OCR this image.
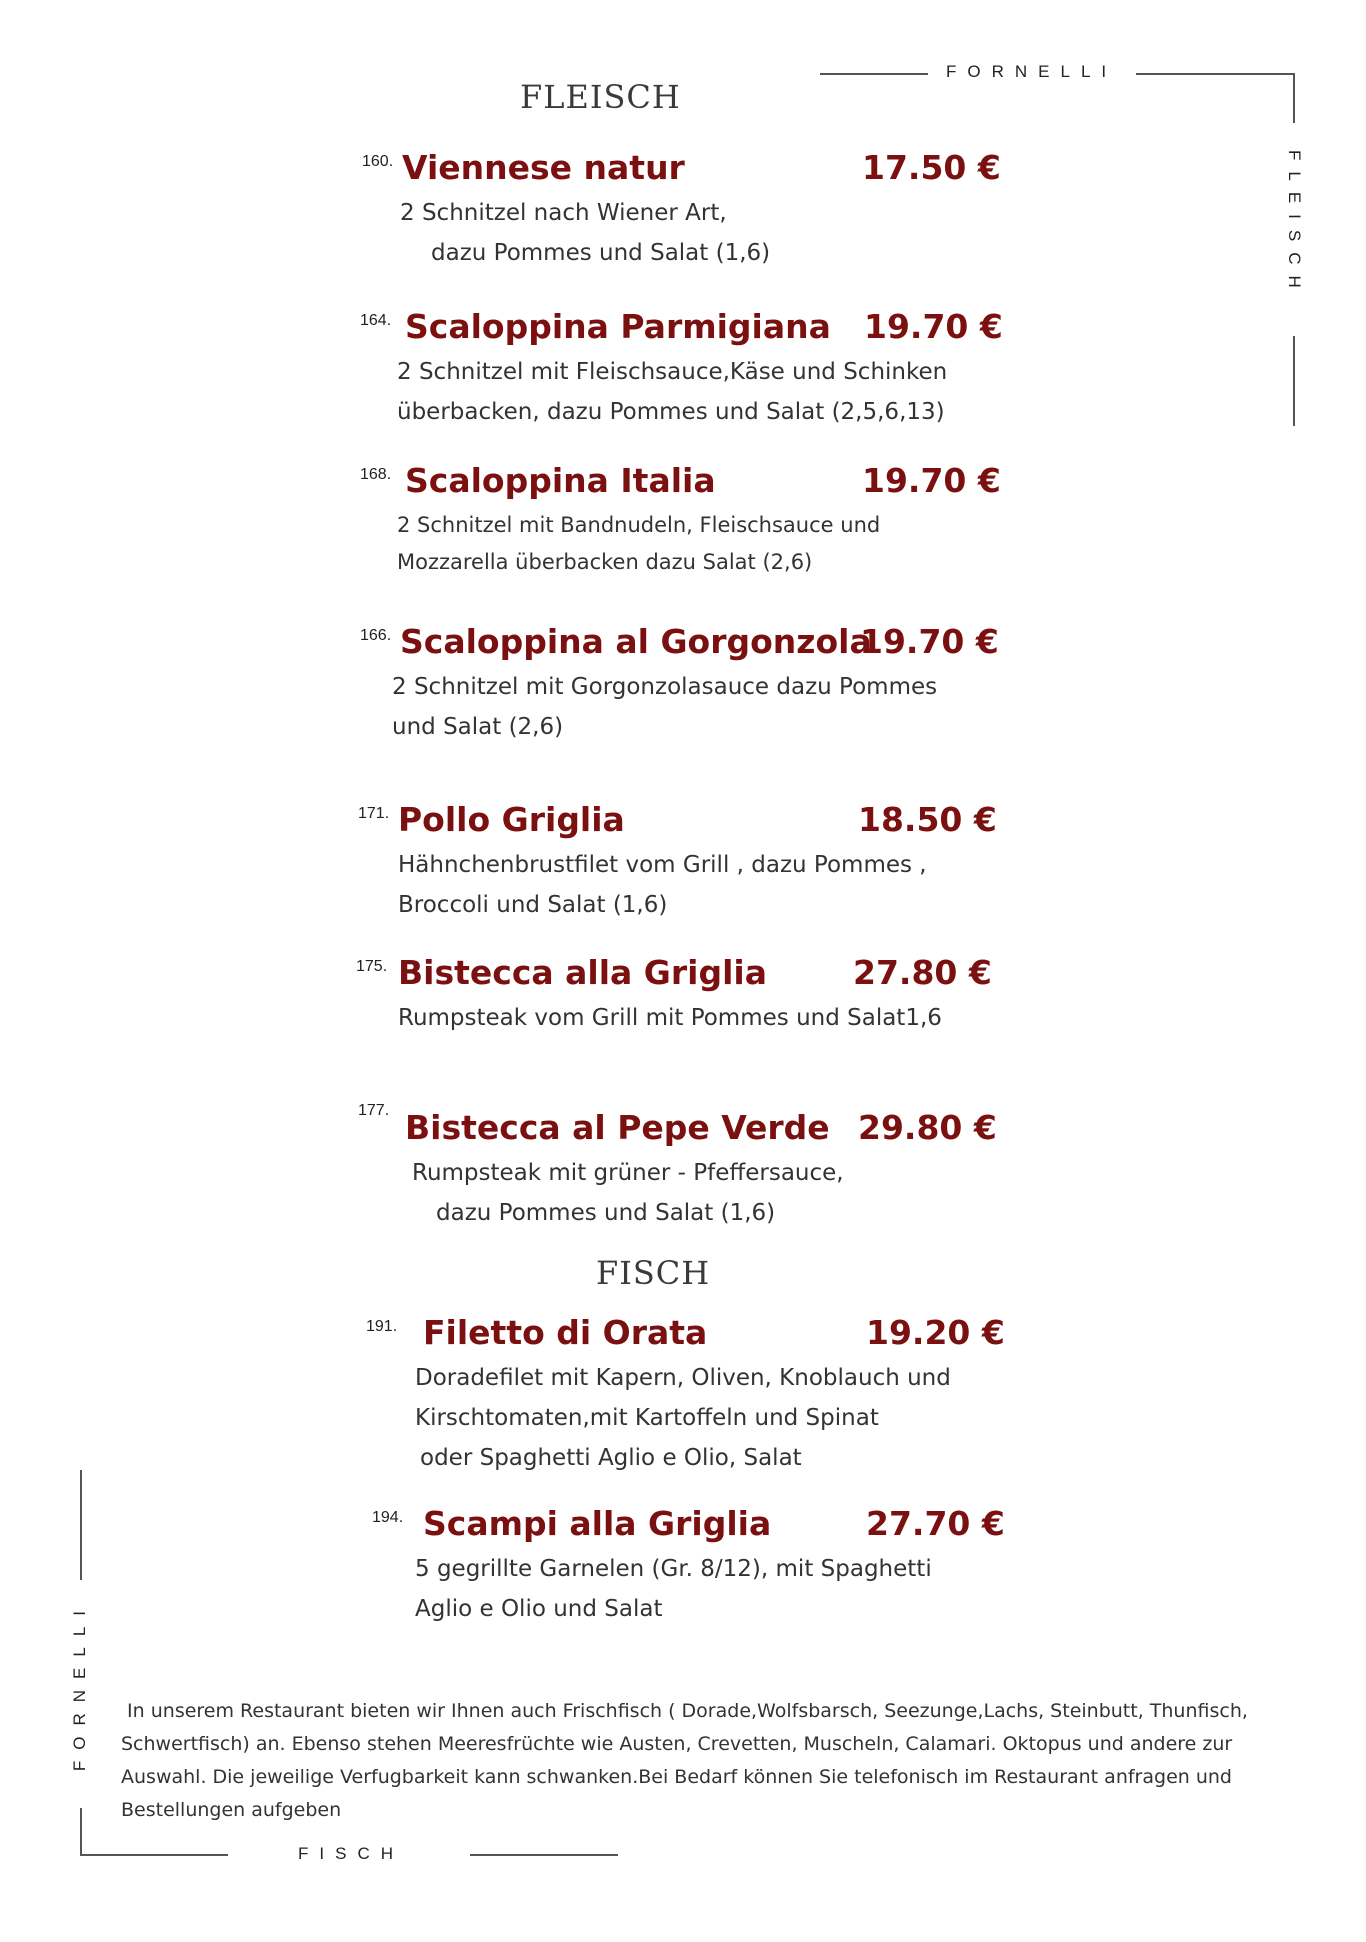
FORNELLI
FLEISCH
FORNELLI
FISCH
FLEISCH
160. Viennese natur	17.50 €
2 Schnitzel nach Wiener Art,
dazu Pommes und Salat (1,6)
164. Scaloppina Parmigiana 19.70 €
2 Schnitzel mit Fleischsauce,Käse und Schinken
überbacken, dazu Pommes und Salat (2,5,6,13)
168. Scaloppina Italia	19.70 €
2 Schnitzel mit Bandnudeln, Fleischsauce und
Mozzarella überbacken dazu Salat (2,6)
166. Scaloppina al Gorgonzola
19.70 €
2 Schnitzel mit Gorgonzolasauce dazu Pommes
und Salat (2,6)
171. Pollo Griglia	18.50 €
Hähnchenbrustfilet vom Grill , dazu Pommes ,
Broccoli und Salat (1,6)
175. Bistecca alla Griglia	27.80 €
Rumpsteak vom Grill mit Pommes und Salat1,6
177. Bistecca al Pepe Verde 29.80 €
Rumpsteak mit grüner - Pfeffersauce,
dazu Pommes und Salat (1,6)
FISCH
191. Filetto di Orata	19.20 €
Doradefilet mit Kapern, Oliven, Knoblauch und
Kirschtomaten,mit Kartoffeln und Spinat
oder Spaghetti Aglio e Olio, Salat
194. Scampi alla Griglia	27.70 €
5 gegrillte Garnelen (Gr. 8/12), mit Spaghetti
Aglio e Olio und Salat
In unserem Restaurant bieten wir Ihnen auch Frischfisch ( Dorade,Wolfsbarsch, Seezunge,Lachs, Steinbutt, Thunfisch, Schwertfisch) an. Ebenso stehen Meeresfrüchte wie Austen, Crevetten, Muscheln, Calamari. Oktopus und andere zur  Auswahl. Die jeweilige Verfugbarkeit kann schwanken.Bei Bedarf können Sie telefonisch im Restaurant anfragen und Bestellungen aufgeben
